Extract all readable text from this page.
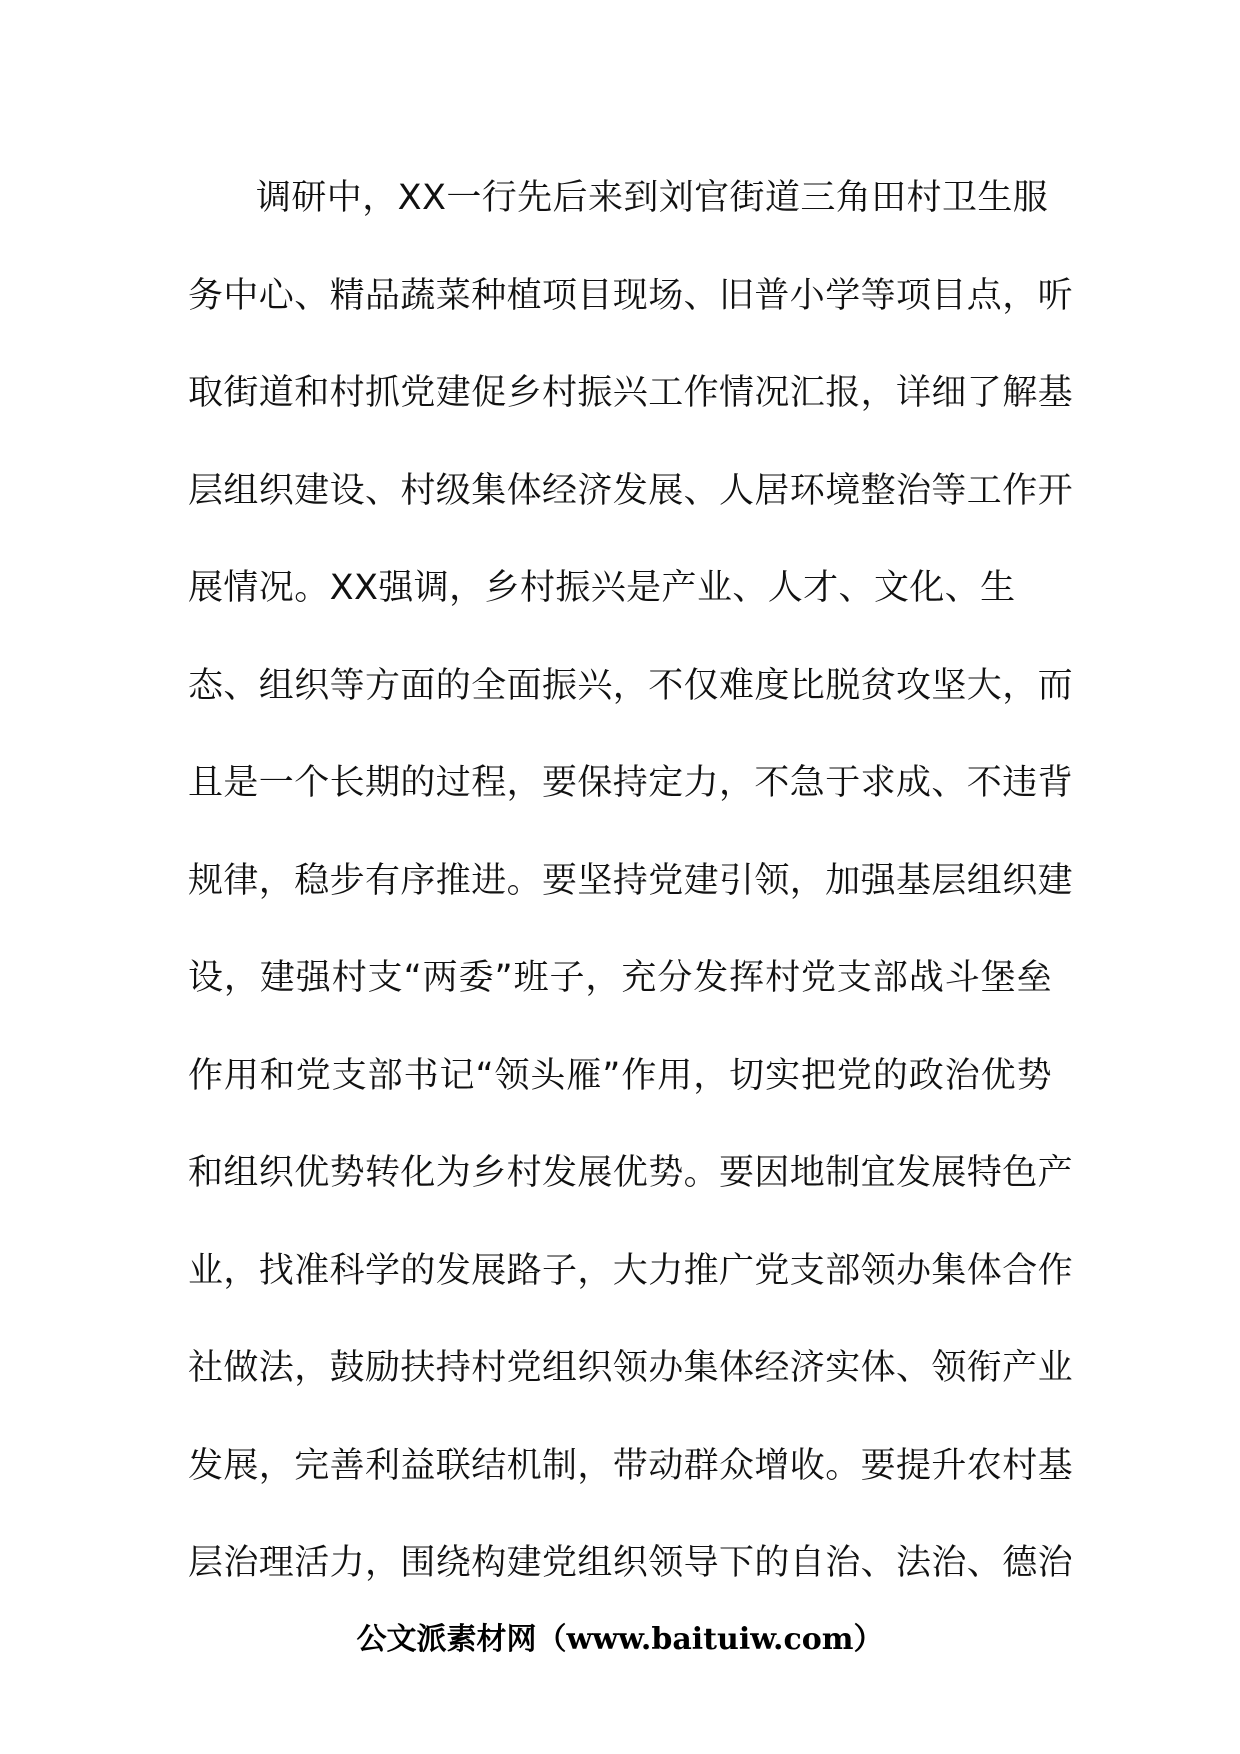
调研中，XX一行先后来到刘官街道三角田村卫生服
务中心、精品蔬菜种植项目现场、旧普小学等项目点，听
取街道和村抓党建促乡村振兴工作情况汇报，详细了解基
层组织建设、村级集体经济发展、人居环境整治等工作开
展情况。XX强调，乡村振兴是产业、人才、文化、生
态、组织等方面的全面振兴，不仅难度比脱贫攻坚大，而
且是一个长期的过程，要保持定力，不急于求成、不违背
规律，稳步有序推进。要坚持党建引领，加强基层组织建
设，建强村支“两委”班子，充分发挥村党支部战斗堡垒
作用和党支部书记“领头雁”作用，切实把党的政治优势
和组织优势转化为乡村发展优势。要因地制宜发展特色产
业，找准科学的发展路子，大力推广党支部领办集体合作
社做法，鼓励扶持村党组织领办集体经济实体、领衔产业
发展，完善利益联结机制，带动群众增收。要提升农村基
层治理活力，围绕构建党组织领导下的自治、法治、德治
公文派素材网（www.baituiw.com）
